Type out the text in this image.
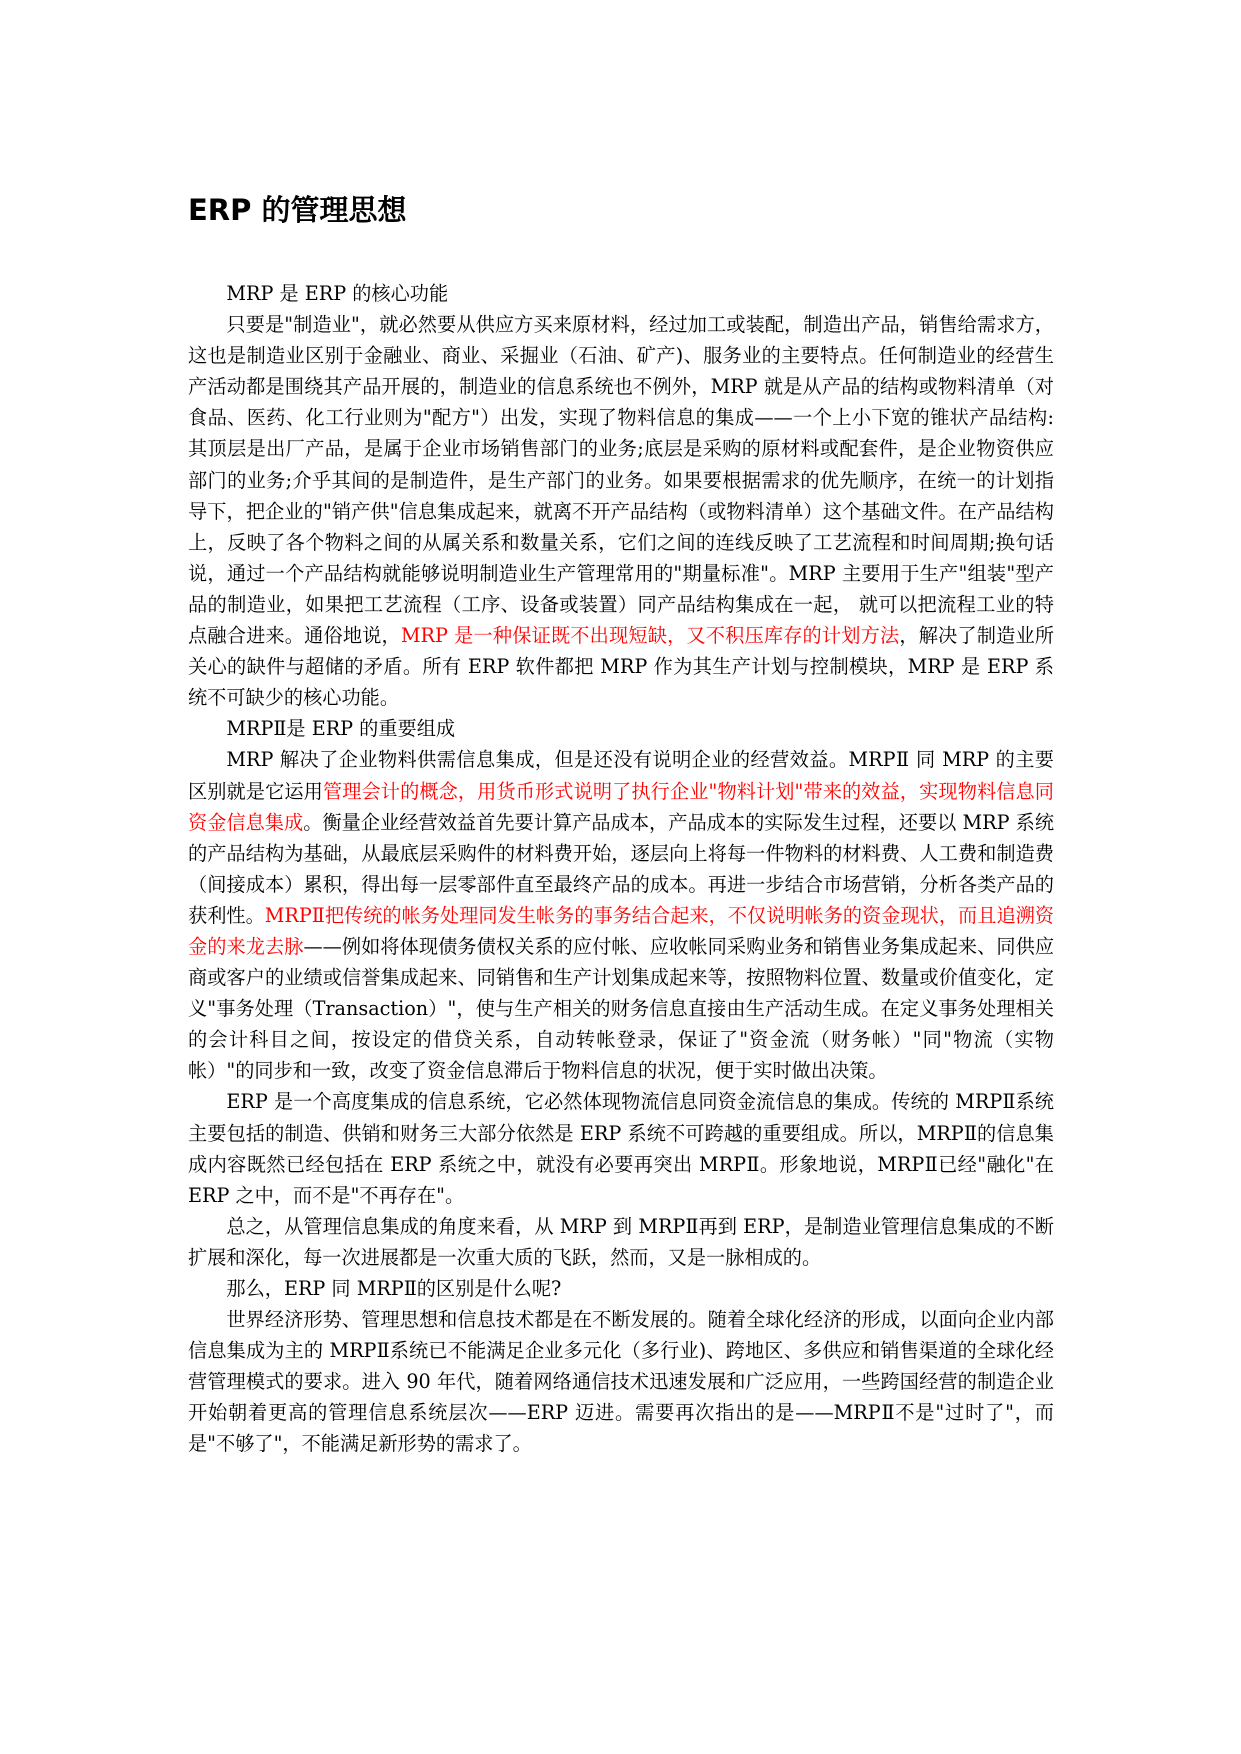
ERP 的管理思想

MRP 是 ERP 的核心功能

只要是"制造业"，就必然要从供应方买来原材料，经过加工或装配，制造出产品，销售给需求方，这也是制造业区别于金融业、商业、采掘业（石油、矿产)、服务业的主要特点。任何制造业的经营生产活动都是围绕其产品开展的，制造业的信息系统也不例外，MRP 就是从产品的结构或物料清单（对食品、医药、化工行业则为"配方"）出发，实现了物料信息的集成——一个上小下宽的锥状产品结构: 其顶层是出厂产品，是属于企业市场销售部门的业务;底层是采购的原材料或配套件，是企业物资供应部门的业务;介乎其间的是制造件，是生产部门的业务。如果要根据需求的优先顺序，在统一的计划指导下，把企业的"销产供"信息集成起来，就离不开产品结构（或物料清单）这个基础文件。在产品结构上，反映了各个物料之间的从属关系和数量关系，它们之间的连线反映了工艺流程和时间周期;换句话说，通过一个产品结构就能够说明制造业生产管理常用的"期量标准"。MRP 主要用于生产"组装"型产品的制造业，如果把工艺流程（工序、设备或装置）同产品结构集成在一起， 就可以把流程工业的特点融合进来。通俗地说，MRP 是一种保证既不出现短缺，又不积压库存的计划方法，解决了制造业所关心的缺件与超储的矛盾。所有 ERP 软件都把 MRP 作为其生产计划与控制模块，MRP 是 ERP 系统不可缺少的核心功能。

MRPⅡ是 ERP 的重要组成

MRP 解决了企业物料供需信息集成，但是还没有说明企业的经营效益。MRPⅡ 同 MRP 的主要区别就是它运用管理会计的概念，用货币形式说明了执行企业"物料计划"带来的效益，实现物料信息同资金信息集成。衡量企业经营效益首先要计算产品成本，产品成本的实际发生过程，还要以 MRP 系统的产品结构为基础，从最底层采购件的材料费开始，逐层向上将每一件物料的材料费、人工费和制造费（间接成本）累积，得出每一层零部件直至最终产品的成本。再进一步结合市场营销，分析各类产品的获利性。MRPⅡ把传统的帐务处理同发生帐务的事务结合起来，不仅说明帐务的资金现状，而且追溯资金的来龙去脉——例如将体现债务债权关系的应付帐、应收帐同采购业务和销售业务集成起来、同供应商或客户的业绩或信誉集成起来、同销售和生产计划集成起来等，按照物料位置、数量或价值变化，定义"事务处理（Transaction）"，使与生产相关的财务信息直接由生产活动生成。在定义事务处理相关的会计科目之间，按设定的借贷关系，自动转帐登录，保证了"资金流（财务帐）"同"物流（实物帐）"的同步和一致，改变了资金信息滞后于物料信息的状况，便于实时做出决策。

ERP 是一个高度集成的信息系统，它必然体现物流信息同资金流信息的集成。传统的 MRPⅡ系统主要包括的制造、供销和财务三大部分依然是 ERP 系统不可跨越的重要组成。所以，MRPⅡ的信息集成内容既然已经包括在 ERP 系统之中，就没有必要再突出 MRPⅡ。形象地说，MRPⅡ已经"融化"在 ERP 之中，而不是"不再存在"。

总之，从管理信息集成的角度来看，从 MRP 到 MRPⅡ再到 ERP，是制造业管理信息集成的不断扩展和深化，每一次进展都是一次重大质的飞跃，然而，又是一脉相成的。

那么，ERP 同 MRPⅡ的区别是什么呢?

世界经济形势、管理思想和信息技术都是在不断发展的。随着全球化经济的形成，以面向企业内部信息集成为主的 MRPⅡ系统已不能满足企业多元化（多行业)、跨地区、多供应和销售渠道的全球化经营管理模式的要求。进入 90 年代，随着网络通信技术迅速发展和广泛应用，一些跨国经营的制造企业开始朝着更高的管理信息系统层次——ERP 迈进。需要再次指出的是——MRPⅡ不是"过时了"，而是"不够了"，不能满足新形势的需求了。
